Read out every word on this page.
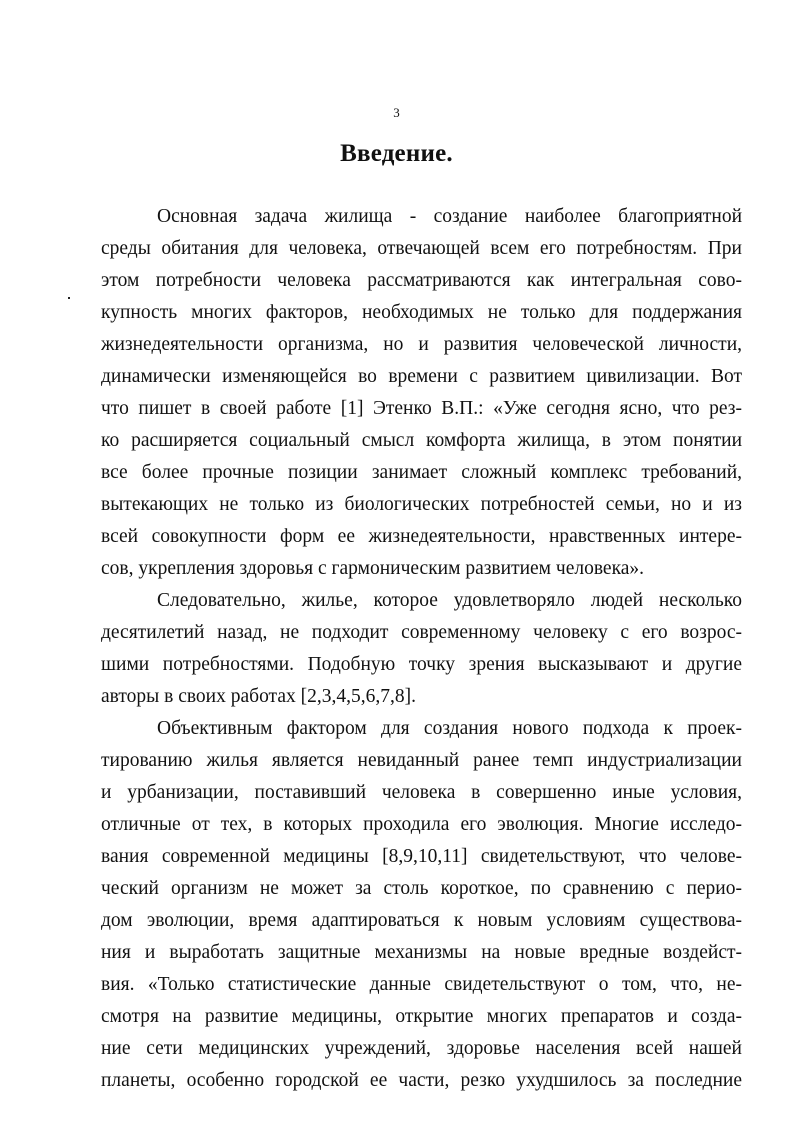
3
Введение.
Основная задача жилища - создание наиболее благоприятной
среды обитания для человека, отвечающей всем его потребностям. При
этом потребности человека рассматриваются как интегральная сово-
купность многих факторов, необходимых не только для поддержания
жизнедеятельности организма, но и развития человеческой личности,
динамически изменяющейся во времени с развитием цивилизации. Вот
что пишет в своей работе [1] Этенко В.П.: «Уже сегодня ясно, что рез-
ко расширяется социальный смысл комфорта жилища, в этом понятии
все более прочные позиции занимает сложный комплекс требований,
вытекающих не только из биологических потребностей семьи, но и из
всей совокупности форм ее жизнедеятельности, нравственных интере-
сов, укрепления здоровья с гармоническим развитием человека».
Следовательно, жилье, которое удовлетворяло людей несколько
десятилетий назад, не подходит современному человеку с его возрос-
шими потребностями. Подобную точку зрения высказывают и другие
авторы в своих работах [2,3,4,5,6,7,8].
Объективным фактором для создания нового подхода к проек-
тированию жилья является невиданный ранее темп индустриализации
и урбанизации, поставивший человека в совершенно иные условия,
отличные от тех, в которых проходила его эволюция. Многие исследо-
вания современной медицины [8,9,10,11] свидетельствуют, что челове-
ческий организм не может за столь короткое, по сравнению с перио-
дом эволюции, время адаптироваться к новым условиям существова-
ния и выработать защитные механизмы на новые вредные воздейст-
вия. «Только статистические данные свидетельствуют о том, что, не-
смотря на развитие медицины, открытие многих препаратов и созда-
ние сети медицинских учреждений, здоровье населения всей нашей
планеты, особенно городской ее части, резко ухудшилось за последние
